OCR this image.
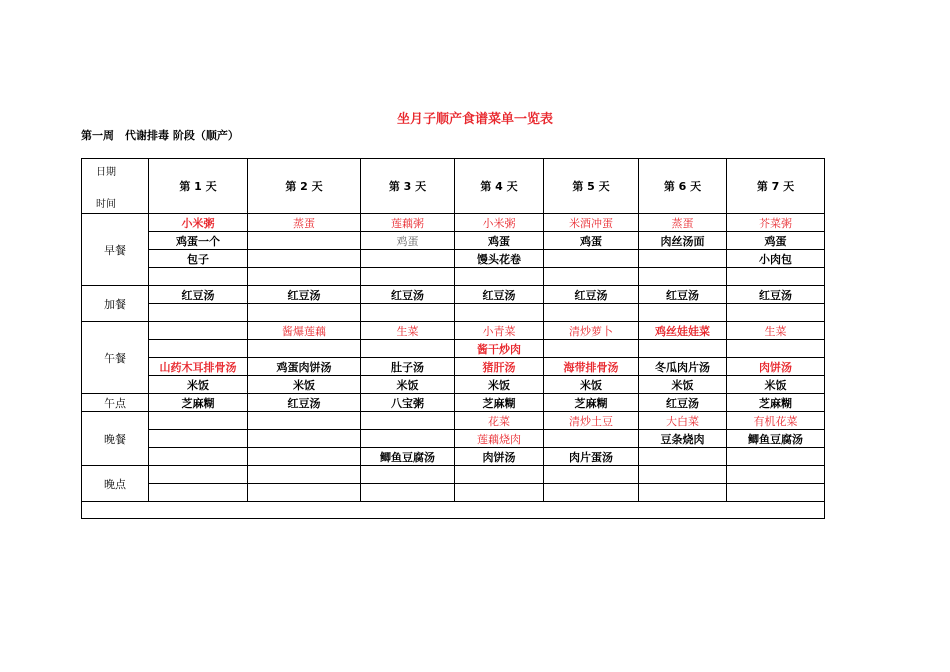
坐月子顺产食谱菜单一览表
第一周　代谢排毒 阶段（顺产）
日期
时间	第 1 天	第 2 天	第 3 天	第 4 天	第 5 天	第 6 天	第 7 天
早餐	小米粥	蒸蛋	莲藕粥	小米粥	米酒冲蛋	蒸蛋	芥菜粥
	鸡蛋一个		鸡蛋	鸡蛋	鸡蛋	肉丝汤面	鸡蛋
	包子			馒头花卷			小肉包

加餐	红豆汤	红豆汤	红豆汤	红豆汤	红豆汤	红豆汤	红豆汤

午餐		酱爆莲藕	生菜	小青菜	清炒萝卜	鸡丝娃娃菜	生菜
				酱干炒肉			
	山药木耳排骨汤	鸡蛋肉饼汤	肚子汤	猪肝汤	海带排骨汤	冬瓜肉片汤	肉饼汤
	米饭	米饭	米饭	米饭	米饭	米饭	米饭
午点	芝麻糊	红豆汤	八宝粥	芝麻糊	芝麻糊	红豆汤	芝麻糊
晚餐				花菜	清炒土豆	大白菜	有机花菜
				莲藕烧肉		豆条烧肉	鲫鱼豆腐汤
			鲫鱼豆腐汤	肉饼汤	肉片蛋汤		
晚点							
